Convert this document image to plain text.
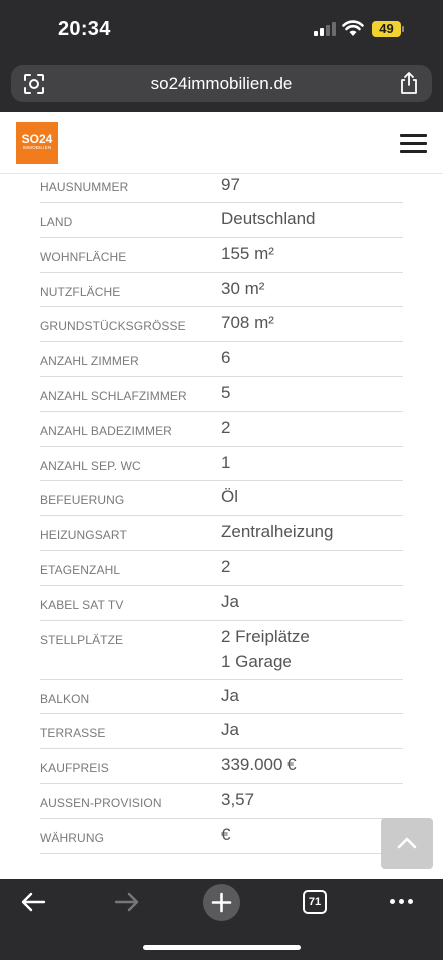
20:34	49
so24immobilien.de
SO24
IMMOBILIEN
HAUSNUMMER	97
LAND	Deutschland
WOHNFLÄCHE	155 m²
NUTZFLÄCHE	30 m²
GRUNDSTÜCKSGRÖSSE 708 m²
ANZAHL ZIMMER	6
ANZAHL SCHLAFZIMMER 5
ANZAHL BADEZIMMER	2
ANZAHL SEP. WC	1
BEFEUERUNG	Öl
HEIZUNGSART	Zentralheizung
ETAGENZAHL	2
KABEL SAT TV	Ja
STELLPLÄTZE	2 Freiplätze
1 Garage
BALKON	Ja
TERRASSE	Ja
KAUFPREIS	339.000 €
AUSSEN-PROVISION	3,57
WÄHRUNG	€
71
